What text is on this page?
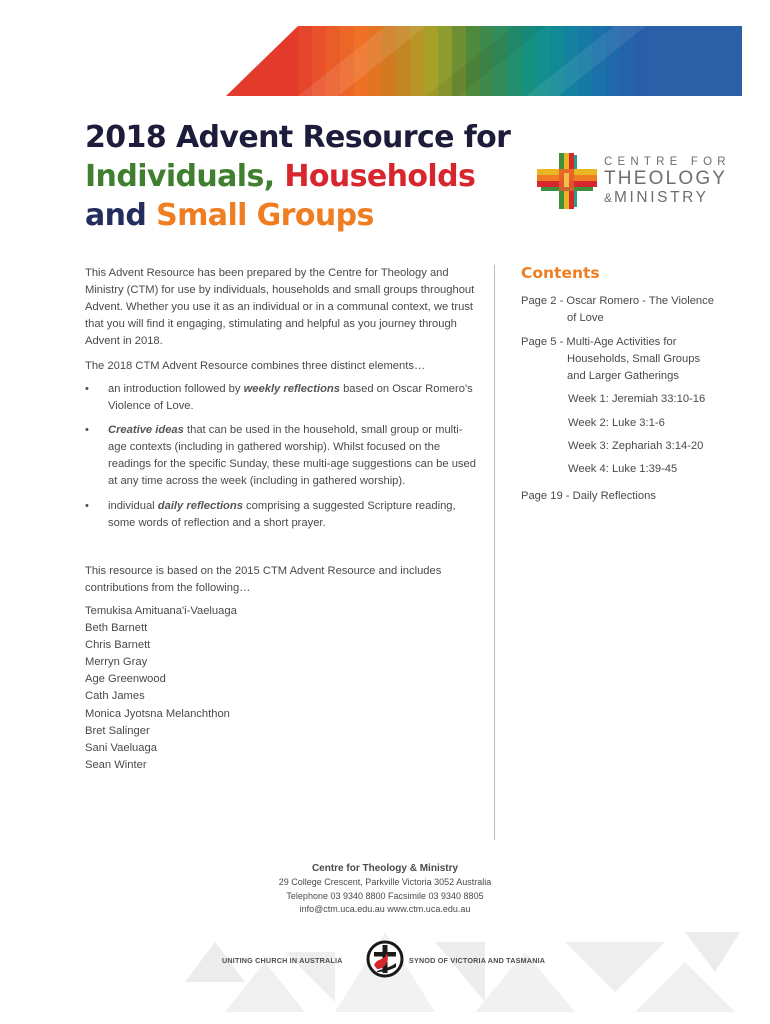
2018 Advent Resource for
Individuals, Households
and Small Groups
CENTRE FOR
THEOLOGY
& MINISTRY
This Advent Resource has been prepared by the Centre for Theology and Ministry (CTM) for use by individuals, households and small groups throughout Advent. Whether you use it as an individual or in a communal context, we trust that you will find it engaging, stimulating and helpful as you journey through Advent in 2018.
The 2018 CTM Advent Resource combines three distinct elements…
• an introduction followed by weekly reflections based on Oscar Romero's Violence of Love.
• Creative ideas that can be used in the household, small group or multi-age contexts (including in gathered worship). Whilst focused on the readings for the specific Sunday, these multi-age suggestions can be used at any time across the week (including in gathered worship).
• individual daily reflections comprising a suggested Scripture reading, some words of reflection and a short prayer.
This resource is based on the 2015 CTM Advent Resource and includes contributions from the following…
Temukisa Amituana'i-Vaeluaga
Beth Barnett
Chris Barnett
Merryn Gray
Age Greenwood
Cath James
Monica Jyotsna Melanchthon
Bret Salinger
Sani Vaeluaga
Sean Winter
Contents
Page 2 - Oscar Romero - The Violence
of Love
Page 5 - Multi-Age Activities for
Households, Small Groups
and Larger Gatherings
Week 1: Jeremiah 33:10-16
Week 2: Luke 3:1-6
Week 3: Zephariah 3:14-20
Week 4: Luke 1:39-45
Page 19 - Daily Reflections
Centre for Theology & Ministry
29 College Crescent, Parkville Victoria 3052 Australia
Telephone 03 9340 8800 Facsimile 03 9340 8805
info@ctm.uca.edu.au www.ctm.uca.edu.au
UNITING CHURCH IN AUSTRALIA	SYNOD OF VICTORIA AND TASMANIA
